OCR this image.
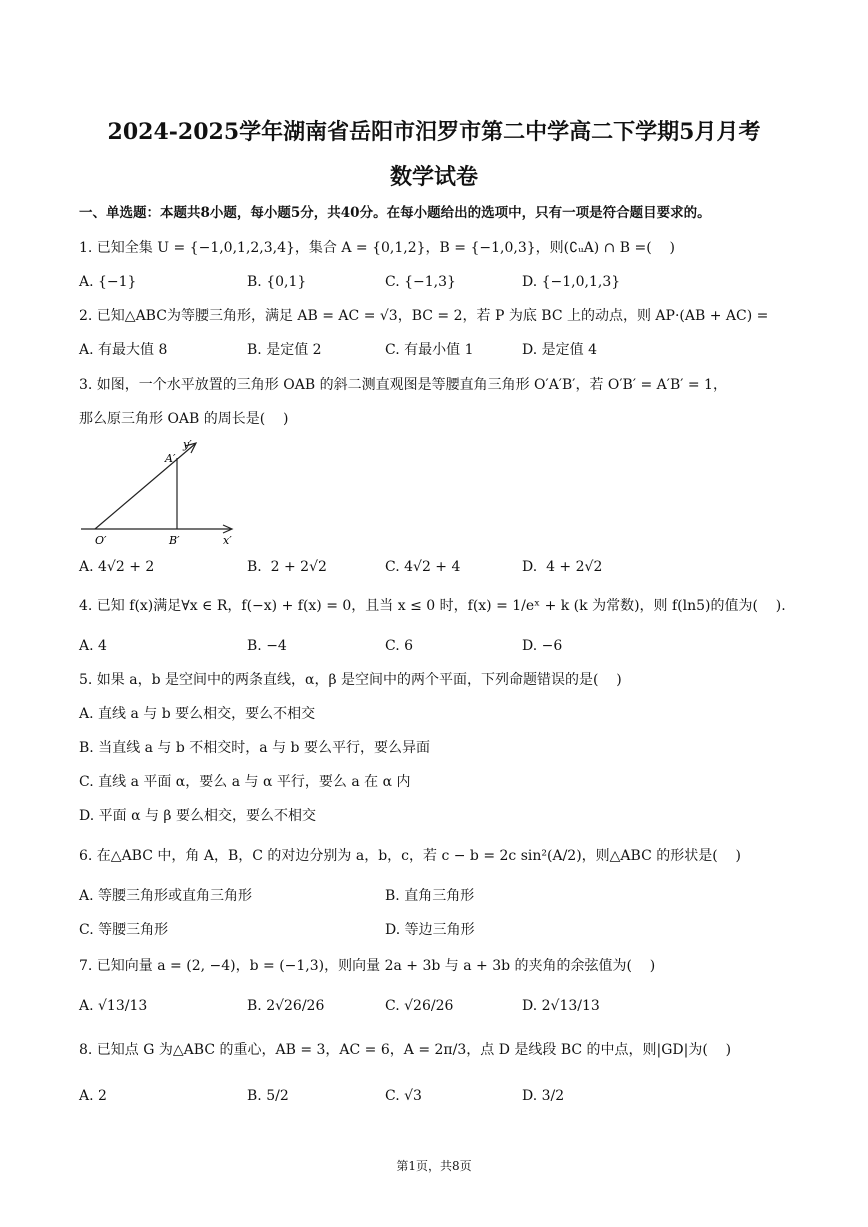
2024-2025学年湖南省岳阳市汨罗市第二中学高二下学期5月月考
数学试卷
一、单选题：本题共8小题，每小题5分，共40分。在每小题给出的选项中，只有一项是符合题目要求的。
1. 已知全集 U = {−1,0,1,2,3,4}，集合 A = {0,1,2}，B = {−1,0,3}，则(∁ᵤA) ∩ B =(    )
A. {−1}	B. {0,1}	C. {−1,3}	D. {−1,0,1,3}
2. 已知△ABC为等腰三角形，满足 AB = AC = √3，BC = 2，若 P 为底 BC 上的动点，则 AP·(AB + AC) =
A. 有最大值 8	B. 是定值 2	C. 有最小值 1	D. 是定值 4
3. 如图，一个水平放置的三角形 OAB 的斜二测直观图是等腰直角三角形 O′A′B′，若 O′B′ = A′B′ = 1，
那么原三角形 OAB 的周长是(    )
y′
A′
O′	B′	x′
A. 4√2 + 2	B.  2 + 2√2	C. 4√2 + 4	D.  4 + 2√2
4. 已知 f(x)满足∀x ∈ R，f(−x) + f(x) = 0，且当 x ≤ 0 时，f(x) = 1/eˣ + k (k 为常数)，则 f(ln5)的值为(    ).
A. 4	B. −4	C. 6	D. −6
5. 如果 a，b 是空间中的两条直线，α，β 是空间中的两个平面，下列命题错误的是(    )
A. 直线 a 与 b 要么相交，要么不相交
B. 当直线 a 与 b 不相交时，a 与 b 要么平行，要么异面
C. 直线 a 平面 α，要么 a 与 α 平行，要么 a 在 α 内
D. 平面 α 与 β 要么相交，要么不相交
6. 在△ABC 中，角 A，B，C 的对边分别为 a，b，c，若 c − b = 2c sin²(A/2)，则△ABC 的形状是(    )
A. 等腰三角形或直角三角形	B. 直角三角形
C. 等腰三角形	D. 等边三角形
7. 已知向量 a = (2, −4)，b = (−1,3)，则向量 2a + 3b 与 a + 3b 的夹角的余弦值为(    )
A. √13/13	B. 2√26/26	C. √26/26	D. 2√13/13
8. 已知点 G 为△ABC 的重心，AB = 3，AC = 6，A = 2π/3，点 D 是线段 BC 的中点，则|GD|为(    )
A. 2	B. 5/2	C. √3	D. 3/2
第1页，共8页
